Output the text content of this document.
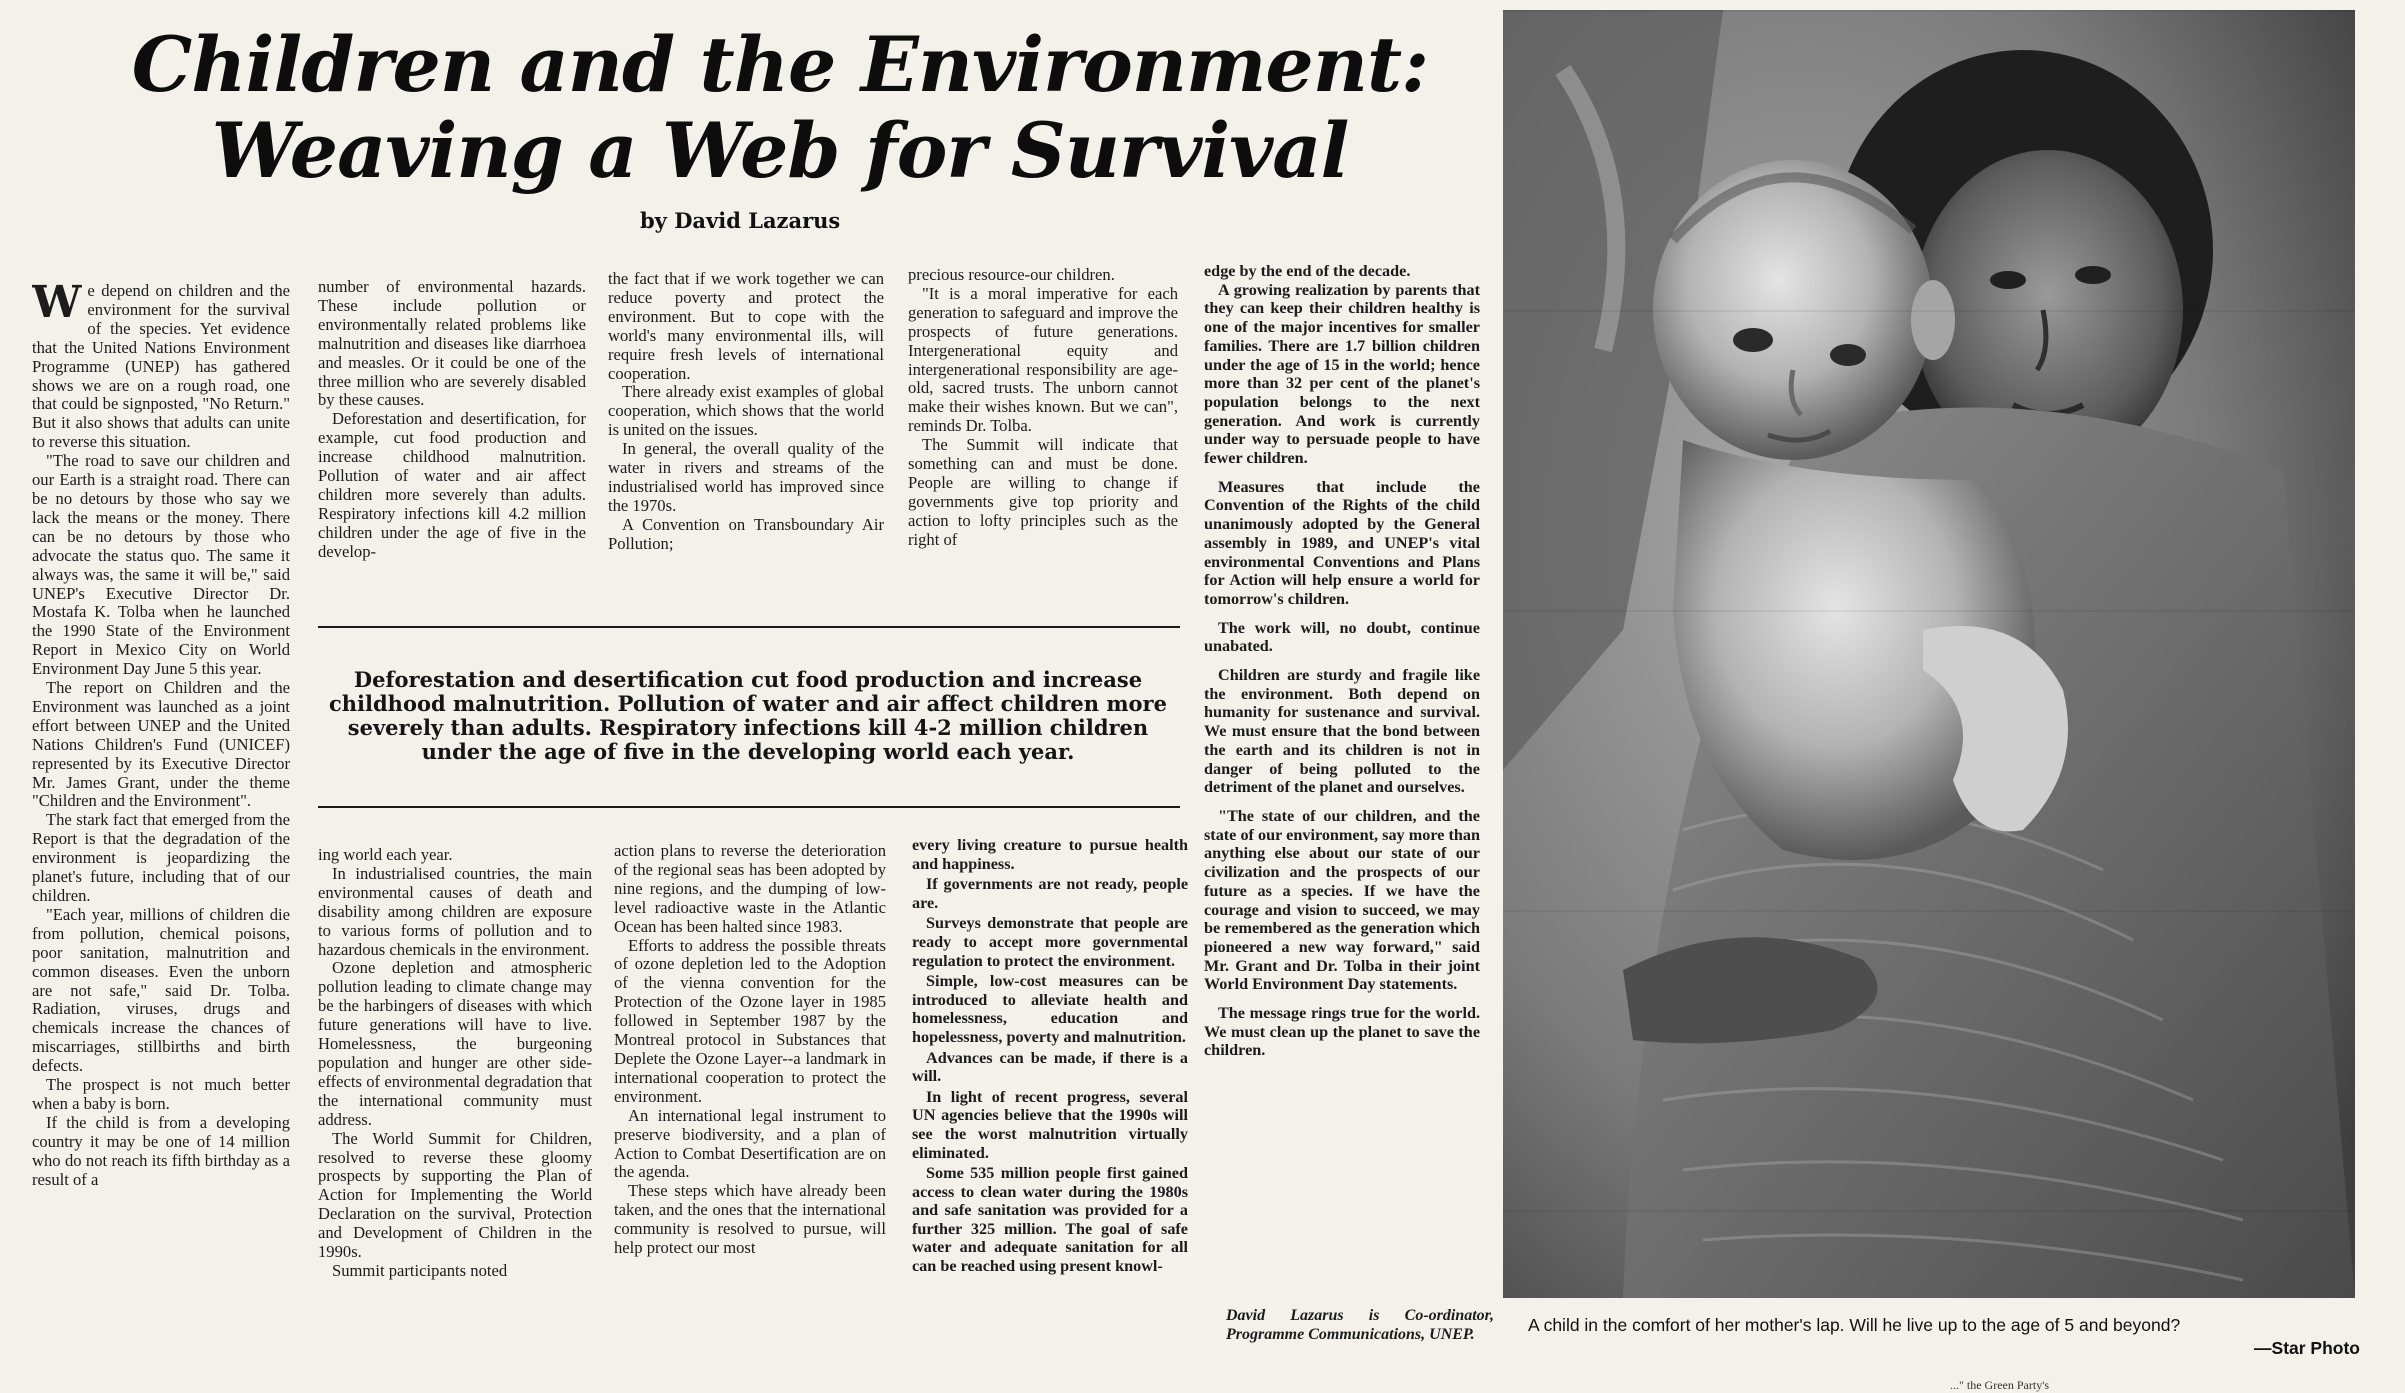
Children and the Environment:
Weaving a Web for Survival
by David Lazarus

We depend on children and the environment for the survival of the species. Yet evidence that the United Nations Environment Programme (UNEP) has gathered shows we are on a rough road, one that could be signposted, "No Return." But it also shows that adults can unite to reverse this situation.

"The road to save our children and our Earth is a straight road. There can be no detours by those who say we lack the means or the money. There can be no detours by those who advocate the status quo. The same it always was, the same it will be," said UNEP's Executive Director Dr. Mostafa K. Tolba when he launched the 1990 State of the Environment Report in Mexico City on World Environment Day June 5 this year.

The report on Children and the Environment was launched as a joint effort between UNEP and the United Nations Children's Fund (UNICEF) represented by its Executive Director Mr. James Grant, under the theme "Children and the Environment".

The stark fact that emerged from the Report is that the degradation of the environment is jeopardizing the planet's future, including that of our children.

"Each year, millions of children die from pollution, chemical poisons, poor sanitation, malnutrition and common diseases. Even the unborn are not safe," said Dr. Tolba. Radiation, viruses, drugs and chemicals increase the chances of miscarriages, stillbirths and birth defects.

The prospect is not much better when a baby is born.

If the child is from a developing country it may be one of 14 million who do not reach its fifth birthday as a result of a

number of environmental hazards. These include pollution or environmentally related problems like malnutrition and diseases like diarrhoea and measles. Or it could be one of the three million who are severely disabled by these causes.

Deforestation and desertification, for example, cut food production and increase childhood malnutrition. Pollution of water and air affect children more severely than adults. Respiratory infections kill 4.2 million children under the age of five in the develop-

the fact that if we work together we can reduce poverty and protect the environment. But to cope with the world's many environmental ills, will require fresh levels of international cooperation.

There already exist examples of global cooperation, which shows that the world is united on the issues.

In general, the overall quality of the water in rivers and streams of the industrialised world has improved since the 1970s.

A Convention on Transboundary Air Pollution;

precious resource-our children.

"It is a moral imperative for each generation to safeguard and improve the prospects of future generations. Intergenerational equity and intergenerational responsibility are age-old, sacred trusts. The unborn cannot make their wishes known. But we can", reminds Dr. Tolba.

The Summit will indicate that something can and must be done. People are willing to change if governments give top priority and action to lofty principles such as the right of

Deforestation and desertification cut food production and increase childhood malnutrition. Pollution of water and air affect children more severely than adults. Respiratory infections kill 4-2 million children under the age of five in the developing world each year.

ing world each year.

In industrialised countries, the main environmental causes of death and disability among children are exposure to various forms of pollution and to hazardous chemicals in the environment.

Ozone depletion and atmospheric pollution leading to climate change may be the harbingers of diseases with which future generations will have to live. Homelessness, the burgeoning population and hunger are other side-effects of environmental degradation that the international community must address.

The World Summit for Children, resolved to reverse these gloomy prospects by supporting the Plan of Action for Implementing the World Declaration on the survival, Protection and Development of Children in the 1990s.

Summit participants noted

action plans to reverse the deterioration of the regional seas has been adopted by nine regions, and the dumping of low-level radioactive waste in the Atlantic Ocean has been halted since 1983.

Efforts to address the possible threats of ozone depletion led to the Adoption of the vienna convention for the Protection of the Ozone layer in 1985 followed in September 1987 by the Montreal protocol in Substances that Deplete the Ozone Layer--a landmark in international cooperation to protect the environment.

An international legal instrument to preserve biodiversity, and a plan of Action to Combat Desertification are on the agenda.

These steps which have already been taken, and the ones that the international community is resolved to pursue, will help protect our most

every living creature to pursue health and happiness.

If governments are not ready, people are.

Surveys demonstrate that people are ready to accept more governmental regulation to protect the environment.

Simple, low-cost measures can be introduced to alleviate health and homelessness, education and hopelessness, poverty and malnutrition.

Advances can be made, if there is a will.

In light of recent progress, several UN agencies believe that the 1990s will see the worst malnutrition virtually eliminated.

Some 535 million people first gained access to clean water during the 1980s and safe sanitation was provided for a further 325 million. The goal of safe water and adequate sanitation for all can be reached using present knowl-

edge by the end of the decade.

A growing realization by parents that they can keep their children healthy is one of the major incentives for smaller families. There are 1.7 billion children under the age of 15 in the world; hence more than 32 per cent of the planet's population belongs to the next generation. And work is currently under way to persuade people to have fewer children.

Measures that include the Convention of the Rights of the child unanimously adopted by the General assembly in 1989, and UNEP's vital environmental Conventions and Plans for Action will help ensure a world for tomorrow's children.

The work will, no doubt, continue unabated.

Children are sturdy and fragile like the environment. Both depend on humanity for sustenance and survival. We must ensure that the bond between the earth and its children is not in danger of being polluted to the detriment of the planet and ourselves.

"The state of our children, and the state of our environment, say more than anything else about our state of our civilization and the prospects of our future as a species. If we have the courage and vision to succeed, we may be remembered as the generation which pioneered a new way forward," said Mr. Grant and Dr. Tolba in their joint World Environment Day statements.

The message rings true for the world. We must clean up the planet to save the children.

David Lazarus is Co-ordinator, Programme Communications, UNEP.	A child in the comfort of her mother's lap. Will he live up to the age of 5 and beyond?
—Star Photo
..." the Green Party's
